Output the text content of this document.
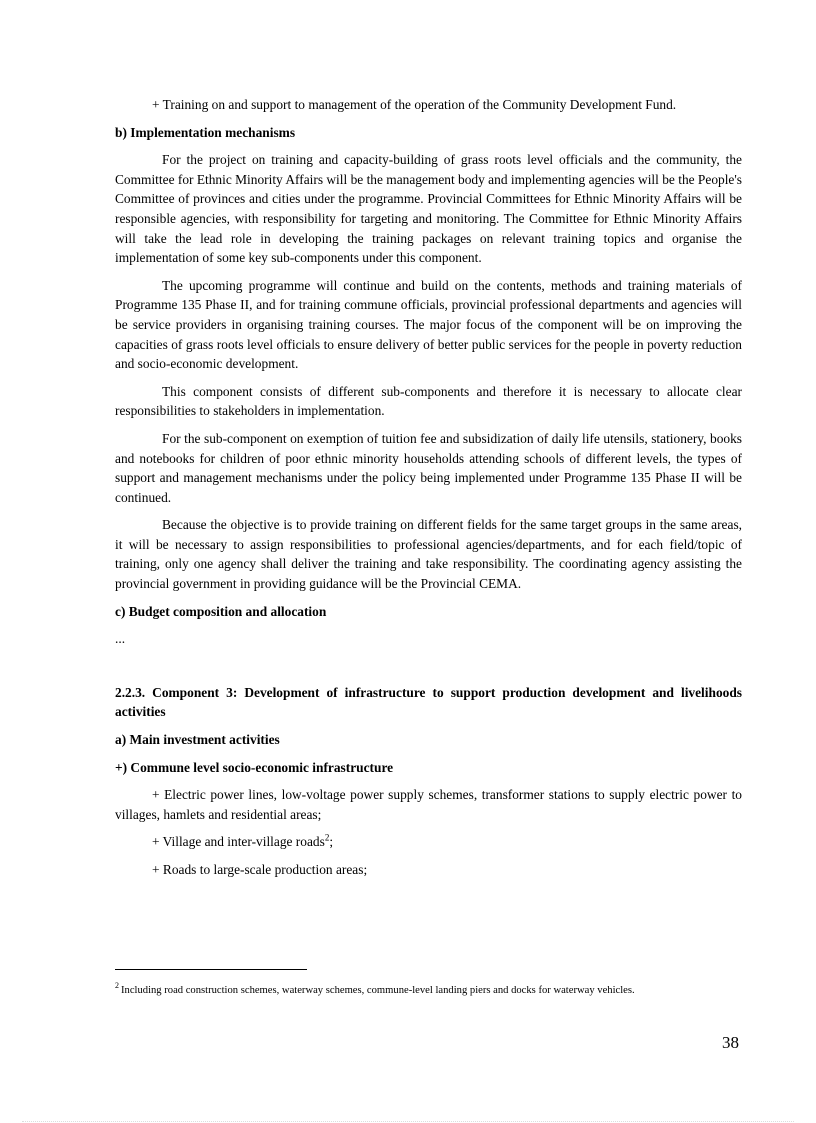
+ Training on and support to management of the operation of the Community Development Fund.

b) Implementation mechanisms

For the project on training and capacity-building of grass roots level officials and the community, the Committee for Ethnic Minority Affairs will be the management body and implementing agencies will be the People's Committee of provinces and cities under the programme. Provincial Committees for Ethnic Minority Affairs will be responsible agencies, with responsibility for targeting and monitoring. The Committee for Ethnic Minority Affairs will take the lead role in developing the training packages on relevant training topics and organise the implementation of some key sub-components under this component.

The upcoming programme will continue and build on the contents, methods and training materials of Programme 135 Phase II, and for training commune officials, provincial professional departments and agencies will be service providers in organising training courses. The major focus of the component will be on improving the capacities of grass roots level officials to ensure delivery of better public services for the people in poverty reduction and socio-economic development.

This component consists of different sub-components and therefore it is necessary to allocate clear responsibilities to stakeholders in implementation.

For the sub-component on exemption of tuition fee and subsidization of daily life utensils, stationery, books and notebooks for children of poor ethnic minority households attending schools of different levels, the types of support and management mechanisms under the policy being implemented under Programme 135 Phase II will be continued.

Because the objective is to provide training on different fields for the same target groups in the same areas, it will be necessary to assign responsibilities to professional agencies/departments, and for each field/topic of training, only one agency shall deliver the training and take responsibility. The coordinating agency assisting the provincial government in providing guidance will be the Provincial CEMA.

c) Budget composition and allocation

...

2.2.3. Component 3: Development of infrastructure to support production development and livelihoods activities

a) Main investment activities

+) Commune level socio-economic infrastructure

+ Electric power lines, low-voltage power supply schemes, transformer stations to supply electric power to villages, hamlets and residential areas;

+ Village and inter-village roads$^2$;

+ Roads to large-scale production areas;

$^2$ Including road construction schemes, waterway schemes, commune-level landing piers and docks for waterway vehicles.
38
